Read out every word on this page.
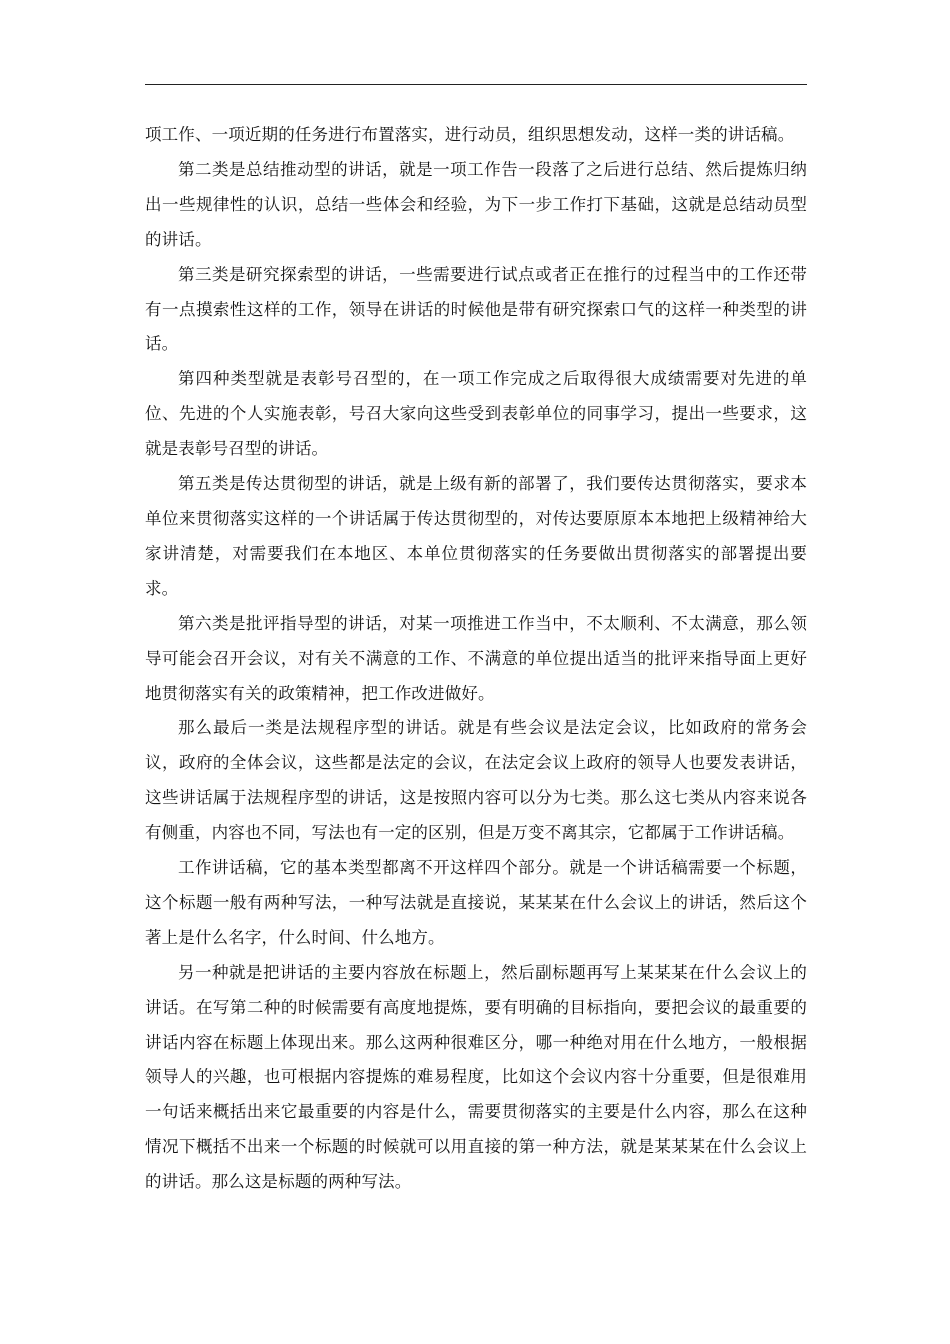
项工作、一项近期的任务进行布置落实，进行动员，组织思想发动，这样一类的讲话稿。

第二类是总结推动型的讲话，就是一项工作告一段落了之后进行总结、然后提炼归纳出一些规律性的认识，总结一些体会和经验，为下一步工作打下基础，这就是总结动员型的讲话。

第三类是研究探索型的讲话，一些需要进行试点或者正在推行的过程当中的工作还带有一点摸索性这样的工作，领导在讲话的时候他是带有研究探索口气的这样一种类型的讲话。

第四种类型就是表彰号召型的，在一项工作完成之后取得很大成绩需要对先进的单位、先进的个人实施表彰，号召大家向这些受到表彰单位的同事学习，提出一些要求，这就是表彰号召型的讲话。

第五类是传达贯彻型的讲话，就是上级有新的部署了，我们要传达贯彻落实，要求本单位来贯彻落实这样的一个讲话属于传达贯彻型的，对传达要原原本本地把上级精神给大家讲清楚，对需要我们在本地区、本单位贯彻落实的任务要做出贯彻落实的部署提出要求。

第六类是批评指导型的讲话，对某一项推进工作当中，不太顺利、不太满意，那么领导可能会召开会议，对有关不满意的工作、不满意的单位提出适当的批评来指导面上更好地贯彻落实有关的政策精神，把工作改进做好。

那么最后一类是法规程序型的讲话。就是有些会议是法定会议，比如政府的常务会议，政府的全体会议，这些都是法定的会议，在法定会议上政府的领导人也要发表讲话，这些讲话属于法规程序型的讲话，这是按照内容可以分为七类。那么这七类从内容来说各有侧重，内容也不同，写法也有一定的区别，但是万变不离其宗，它都属于工作讲话稿。

工作讲话稿，它的基本类型都离不开这样四个部分。就是一个讲话稿需要一个标题，这个标题一般有两种写法，一种写法就是直接说，某某某在什么会议上的讲话，然后这个著上是什么名字，什么时间、什么地方。

另一种就是把讲话的主要内容放在标题上，然后副标题再写上某某某在什么会议上的讲话。在写第二种的时候需要有高度地提炼，要有明确的目标指向，要把会议的最重要的讲话内容在标题上体现出来。那么这两种很难区分，哪一种绝对用在什么地方，一般根据领导人的兴趣，也可根据内容提炼的难易程度，比如这个会议内容十分重要，但是很难用一句话来概括出来它最重要的内容是什么，需要贯彻落实的主要是什么内容，那么在这种情况下概括不出来一个标题的时候就可以用直接的第一种方法，就是某某某在什么会议上的讲话。那么这是标题的两种写法。
